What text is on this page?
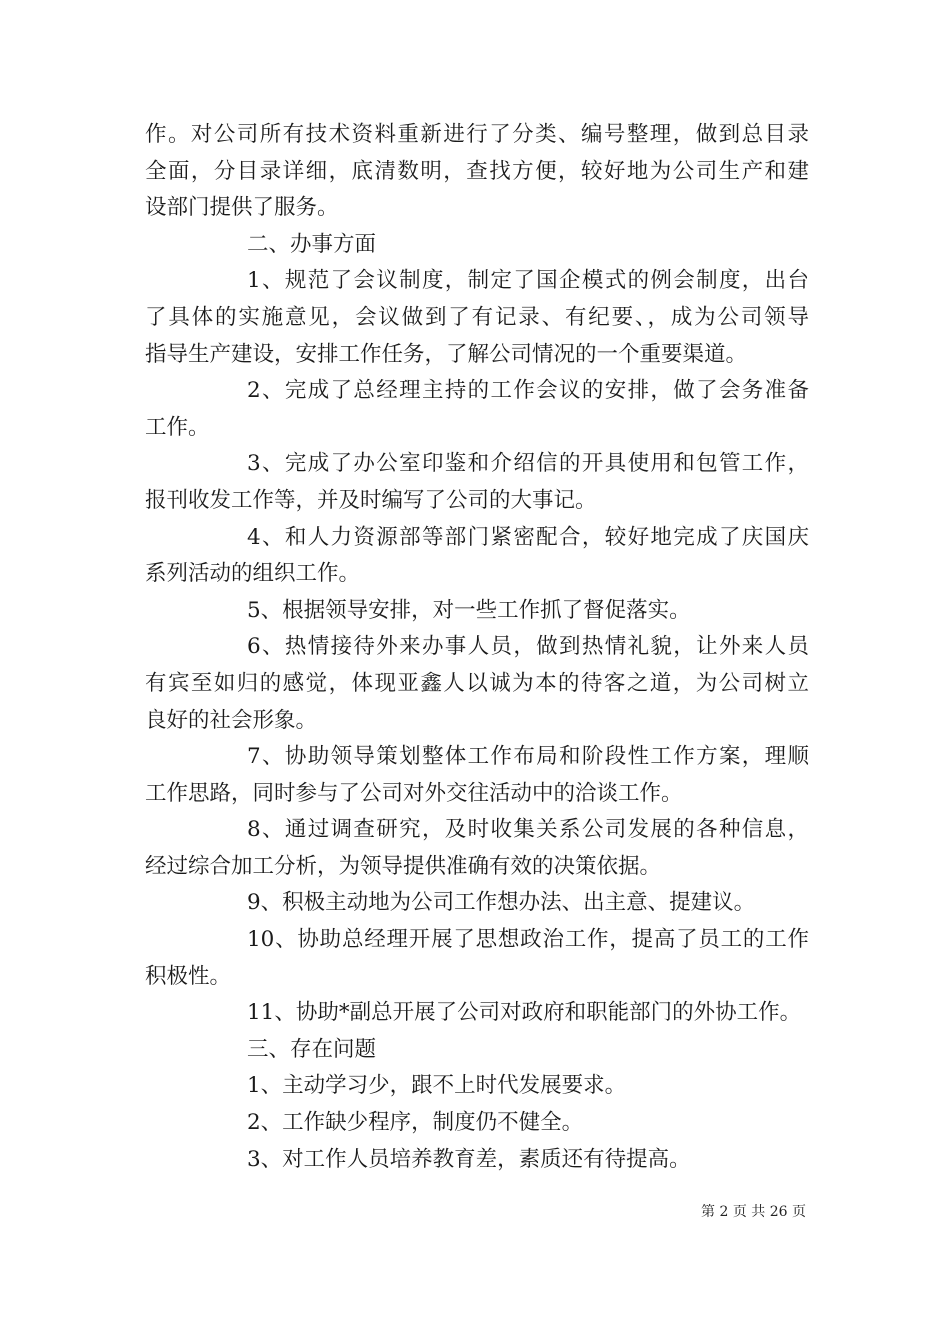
作。对公司所有技术资料重新进行了分类、编号整理，做到总目录
全面，分目录详细，底清数明，查找方便，较好地为公司生产和建
设部门提供了服务。
二、办事方面
1、规范了会议制度，制定了国企模式的例会制度，出台
了具体的实施意见，会议做到了有记录、有纪要、，成为公司领导
指导生产建设，安排工作任务，了解公司情况的一个重要渠道。
2、完成了总经理主持的工作会议的安排，做了会务准备
工作。
3、完成了办公室印鉴和介绍信的开具使用和包管工作，
报刊收发工作等，并及时编写了公司的大事记。
4、和人力资源部等部门紧密配合，较好地完成了庆国庆
系列活动的组织工作。
5、根据领导安排，对一些工作抓了督促落实。
6、热情接待外来办事人员，做到热情礼貌，让外来人员
有宾至如归的感觉，体现亚鑫人以诚为本的待客之道，为公司树立
良好的社会形象。
7、协助领导策划整体工作布局和阶段性工作方案，理顺
工作思路，同时参与了公司对外交往活动中的洽谈工作。
8、通过调查研究，及时收集关系公司发展的各种信息，
经过综合加工分析，为领导提供准确有效的决策依据。
9、积极主动地为公司工作想办法、出主意、提建议。
10、协助总经理开展了思想政治工作，提高了员工的工作
积极性。
11、协助*副总开展了公司对政府和职能部门的外协工作。
三、存在问题
1、主动学习少，跟不上时代发展要求。
2、工作缺少程序，制度仍不健全。
3、对工作人员培养教育差，素质还有待提高。
第 2 页 共 26 页
